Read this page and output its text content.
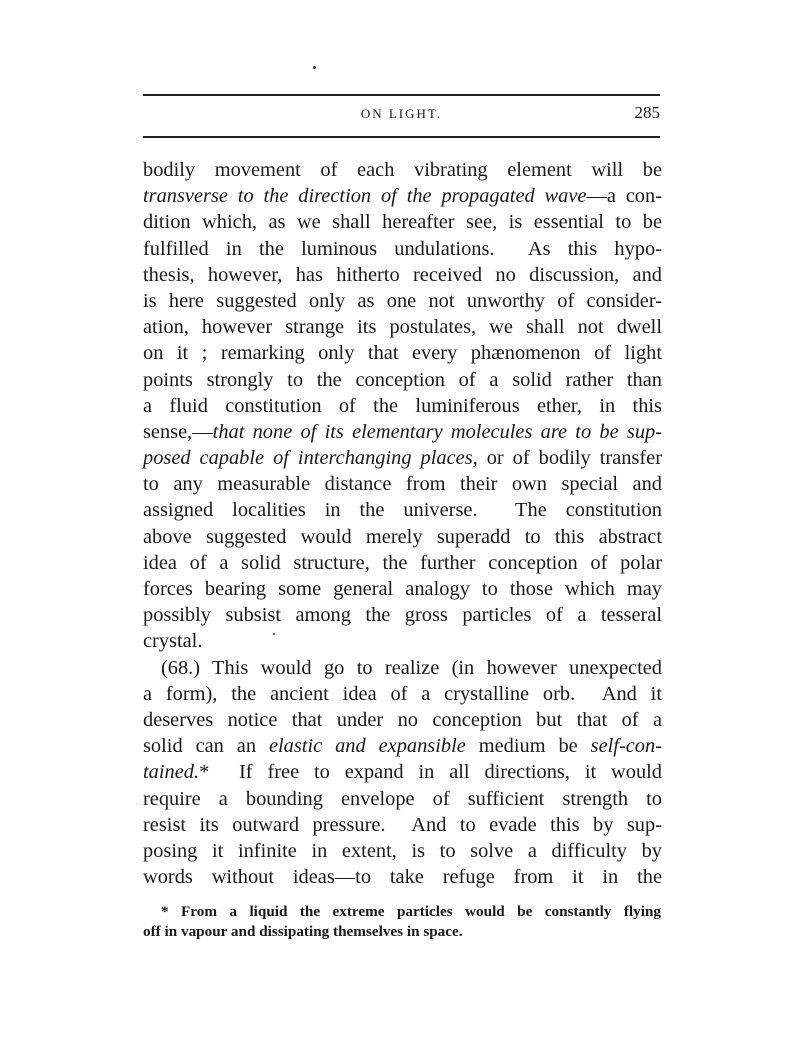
ON LIGHT.	285
bodily movement of each vibrating element will be
transverse to the direction of the propagated wave—a con-
dition which, as we shall hereafter see, is essential to be
fulfilled in the luminous undulations.  As this hypo-
thesis, however, has hitherto received no discussion, and
is here suggested only as one not unworthy of consider-
ation, however strange its postulates, we shall not dwell
on it ; remarking only that every phænomenon of light
points strongly to the conception of a solid rather than
a fluid constitution of the luminiferous ether, in this
sense,—that none of its elementary molecules are to be sup-
posed capable of interchanging places, or of bodily transfer
to any measurable distance from their own special and
assigned localities in the universe.  The constitution
above suggested would merely superadd to this abstract
idea of a solid structure, the further conception of polar
forces bearing some general analogy to those which may
possibly subsist among the gross particles of a tesseral
crystal.
(68.) This would go to realize (in however unexpected
a form), the ancient idea of a crystalline orb.  And it
deserves notice that under no conception but that of a
solid can an elastic and expansible medium be self-con-
tained.*  If free to expand in all directions, it would
require a bounding envelope of sufficient strength to
resist its outward pressure.  And to evade this by sup-
posing it infinite in extent, is to solve a difficulty by
words without ideas—to take refuge from it in the
* From a liquid the extreme particles would be constantly flying
off in vapour and dissipating themselves in space.
